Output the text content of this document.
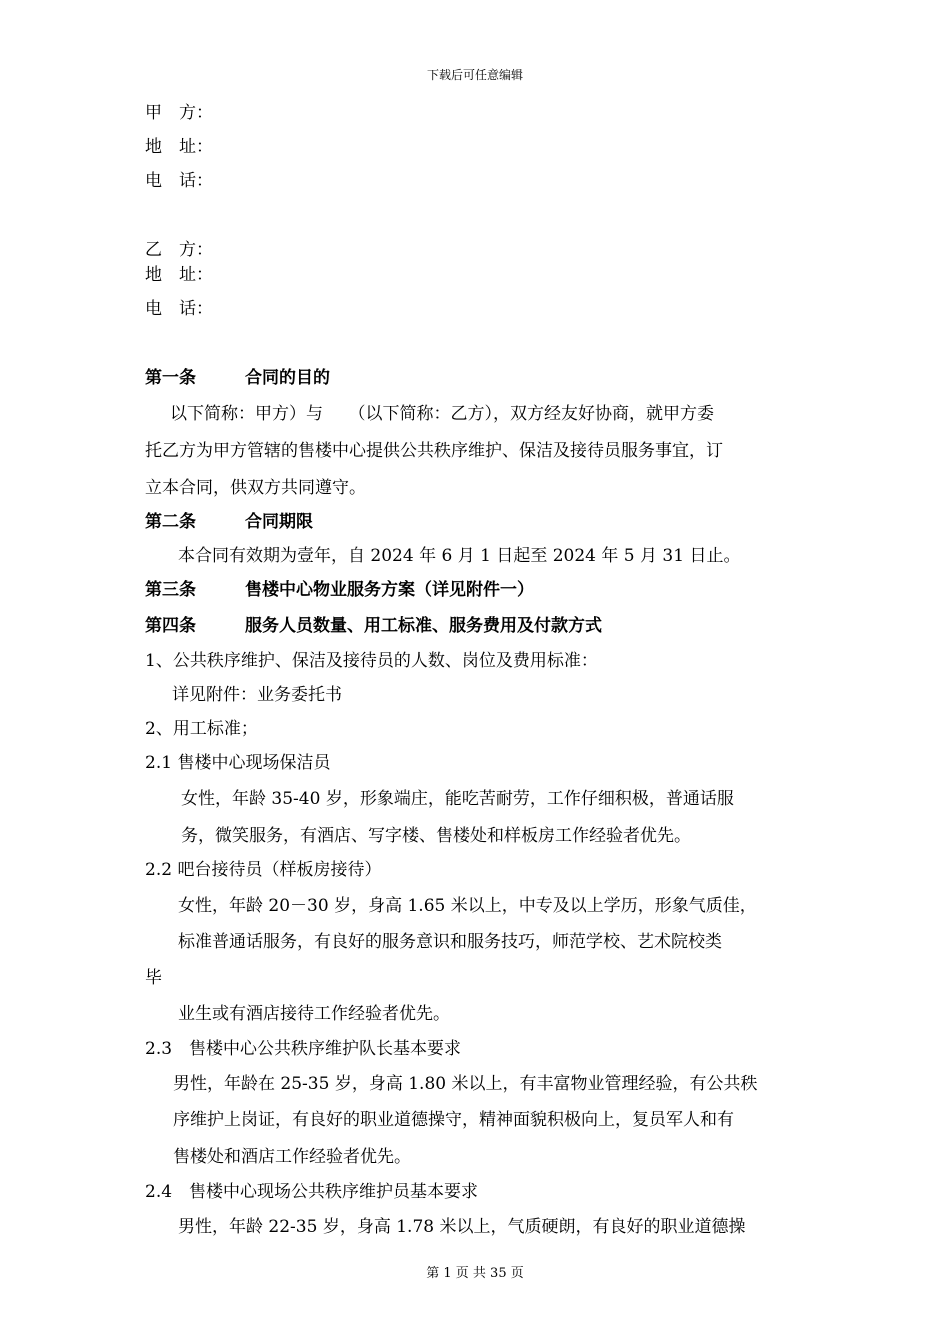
下载后可任意编辑
甲　方：
地　址：
电　话：
乙　方：
地　址：
电　话：
第一条	合同的目的
以下简称：甲方）与　　（以下简称：乙方），双方经友好协商，就甲方委
托乙方为甲方管辖的售楼中心提供公共秩序维护、保洁及接待员服务事宜，订
立本合同，供双方共同遵守。
第二条	合同期限
本合同有效期为壹年，自 2024 年 6 月 1 日起至 2024 年 5 月 31 日止。
第三条	售楼中心物业服务方案（详见附件一）
第四条	服务人员数量、用工标准、服务费用及付款方式
1、公共秩序维护、保洁及接待员的人数、岗位及费用标准：
详见附件：业务委托书
2、用工标准；
2.1 售楼中心现场保洁员
女性，年龄 35-40 岁，形象端庄，能吃苦耐劳，工作仔细积极，普通话服
务，微笑服务，有酒店、写字楼、售楼处和样板房工作经验者优先。
2.2 吧台接待员（样板房接待）
女性，年龄 20－30 岁，身高 1.65 米以上，中专及以上学历，形象气质佳，
标准普通话服务，有良好的服务意识和服务技巧，师范学校、艺术院校类
毕
业生或有酒店接待工作经验者优先。
2.3　售楼中心公共秩序维护队长基本要求
男性，年龄在 25-35 岁，身高 1.80 米以上，有丰富物业管理经验，有公共秩
序维护上岗证，有良好的职业道德操守，精神面貌积极向上，复员军人和有
售楼处和酒店工作经验者优先。
2.4　售楼中心现场公共秩序维护员基本要求
男性，年龄 22-35 岁，身高 1.78 米以上，气质硬朗，有良好的职业道德操
第 1 页 共 35 页
